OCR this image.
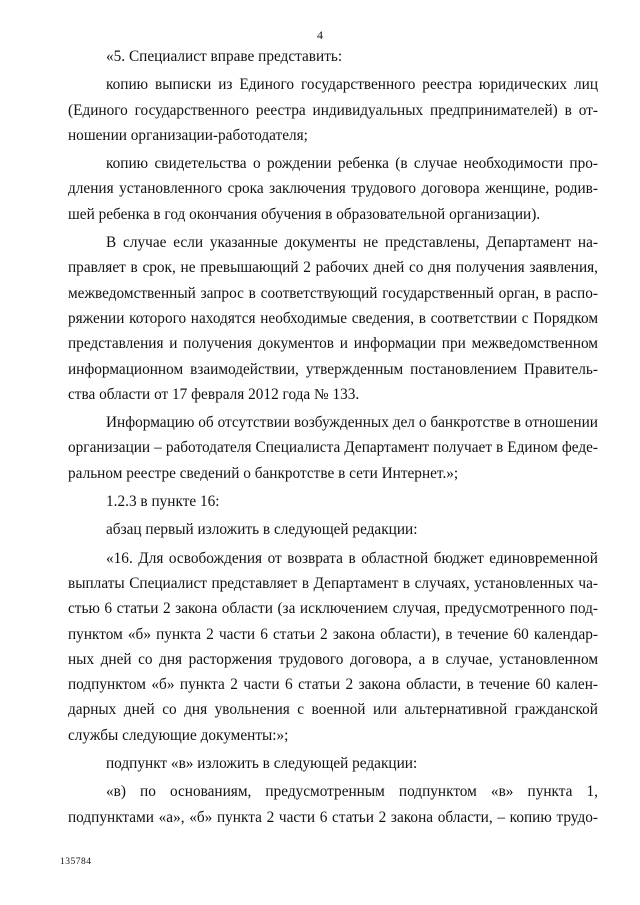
4
«5. Специалист вправе представить:
копию выписки из Единого государственного реестра юридических лиц
(Единого государственного реестра индивидуальных предпринимателей) в от-
ношении организации-работодателя;
копию свидетельства о рождении ребенка (в случае необходимости про-
дления установленного срока заключения трудового договора женщине, родив-
шей ребенка в год окончания обучения в образовательной организации).
В случае если указанные документы не представлены, Департамент на-
правляет в срок, не превышающий 2 рабочих дней со дня получения заявления,
межведомственный запрос в соответствующий государственный орган, в распо-
ряжении которого находятся необходимые сведения, в соответствии с Порядком
представления и получения документов и информации при межведомственном
информационном взаимодействии, утвержденным постановлением Правитель-
ства области от 17 февраля 2012 года № 133.
Информацию об отсутствии возбужденных дел о банкротстве в отношении
организации – работодателя Специалиста Департамент получает в Едином феде-
ральном реестре сведений о банкротстве в сети Интернет.»;
1.2.3 в пункте 16:
абзац первый изложить в следующей редакции:
«16. Для освобождения от возврата в областной бюджет единовременной
выплаты Специалист представляет в Департамент в случаях, установленных ча-
стью 6 статьи 2 закона области (за исключением случая, предусмотренного под-
пунктом «б» пункта 2 части 6 статьи 2 закона области), в течение 60 календар-
ных дней со дня расторжения трудового договора, а в случае, установленном
подпунктом «б» пункта 2 части 6 статьи 2 закона области, в течение 60 кален-
дарных дней со дня увольнения с военной или альтернативной гражданской
службы следующие документы:»;
подпункт «в» изложить в следующей редакции:
«в) по основаниям, предусмотренным подпунктом «в» пункта 1,
подпунктами «а», «б» пункта 2 части 6 статьи 2 закона области, – копию трудо-
135784
